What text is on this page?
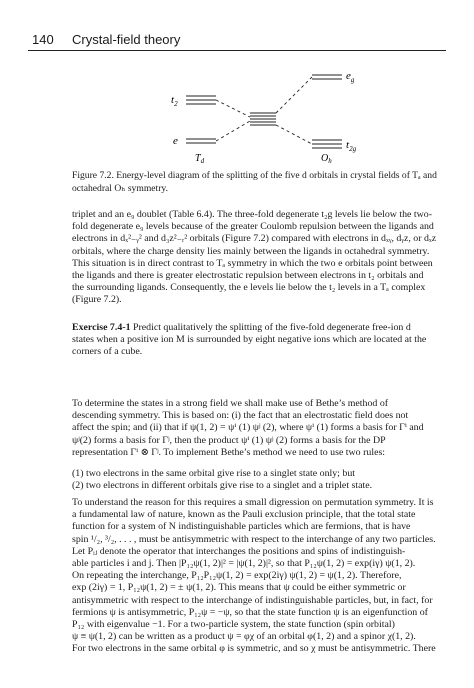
140 Crystal-field theory
$t_2$
e
$e_g$
$t_{2g}$
$T_d$	$O_h$
Figure 7.2. Energy-level diagram of the splitting of the five d orbitals in crystal fields of Tₐ and
octahedral Oₕ symmetry.
triplet and an e₉ doublet (Table 6.4). The three-fold degenerate t₂g levels lie below the two-
fold degenerate e₉ levels because of the greater Coulomb repulsion between the ligands and
electrons in dₓ²₋ᵧ² and d₃z²₋ᵣ² orbitals (Figure 7.2) compared with electrons in dₓᵧ, dᵧz, or dₓz
orbitals, where the charge density lies mainly between the ligands in octahedral symmetry.
This situation is in direct contrast to Tₐ symmetry in which the two e orbitals point between
the ligands and there is greater electrostatic repulsion between electrons in t₂ orbitals and
the surrounding ligands. Consequently, the e levels lie below the t₂ levels in a Tₐ complex
(Figure 7.2).
Exercise 7.4-1 Predict qualitatively the splitting of the five-fold degenerate free-ion d
states when a positive ion M is surrounded by eight negative ions which are located at the
corners of a cube.
To determine the states in a strong field we shall make use of Bethe’s method of
descending symmetry. This is based on: (i) the fact that an electrostatic field does not
affect the spin; and (ii) that if ψ(1, 2) = ψⁱ (1) ψʲ (2), where ψⁱ (1) forms a basis for Γⁱ and
ψʲ(2) forms a basis for Γʲ, then the product ψⁱ (1) ψʲ (2) forms a basis for the DP
representation Γⁱ ⊗ Γʲ. To implement Bethe’s method we need to use two rules:
(1) two electrons in the same orbital give rise to a singlet state only; but
(2) two electrons in different orbitals give rise to a singlet and a triplet state.
To understand the reason for this requires a small digression on permutation symmetry. It is
a fundamental law of nature, known as the Pauli exclusion principle, that the total state
function for a system of N indistinguishable particles which are fermions, that is have
spin ¹/₂, ³/₂, . . . , must be antisymmetric with respect to the interchange of any two particles.
Let Pᵢⱼ denote the operator that interchanges the positions and spins of indistinguish-
able particles i and j. Then |P₁₂ψ(1, 2)|² = |ψ(1, 2)|², so that P₁₂ψ(1, 2) = exp(iγ) ψ(1, 2).
On repeating the interchange, P₁₂P₁₂ψ(1, 2) = exp(2iγ) ψ(1, 2) = ψ(1, 2). Therefore,
exp (2iγ) = 1, P₁₂ψ(1, 2) = ± ψ(1, 2). This means that ψ could be either symmetric or
antisymmetric with respect to the interchange of indistinguishable particles, but, in fact, for
fermions ψ is antisymmetric, P₁₂ψ = −ψ, so that the state function ψ is an eigenfunction of
P₁₂ with eigenvalue −1. For a two-particle system, the state function (spin orbital)
ψ ≡ ψ(1, 2) can be written as a product ψ = φχ of an orbital φ(1, 2) and a spinor χ(1, 2).
For two electrons in the same orbital φ is symmetric, and so χ must be antisymmetric. There
